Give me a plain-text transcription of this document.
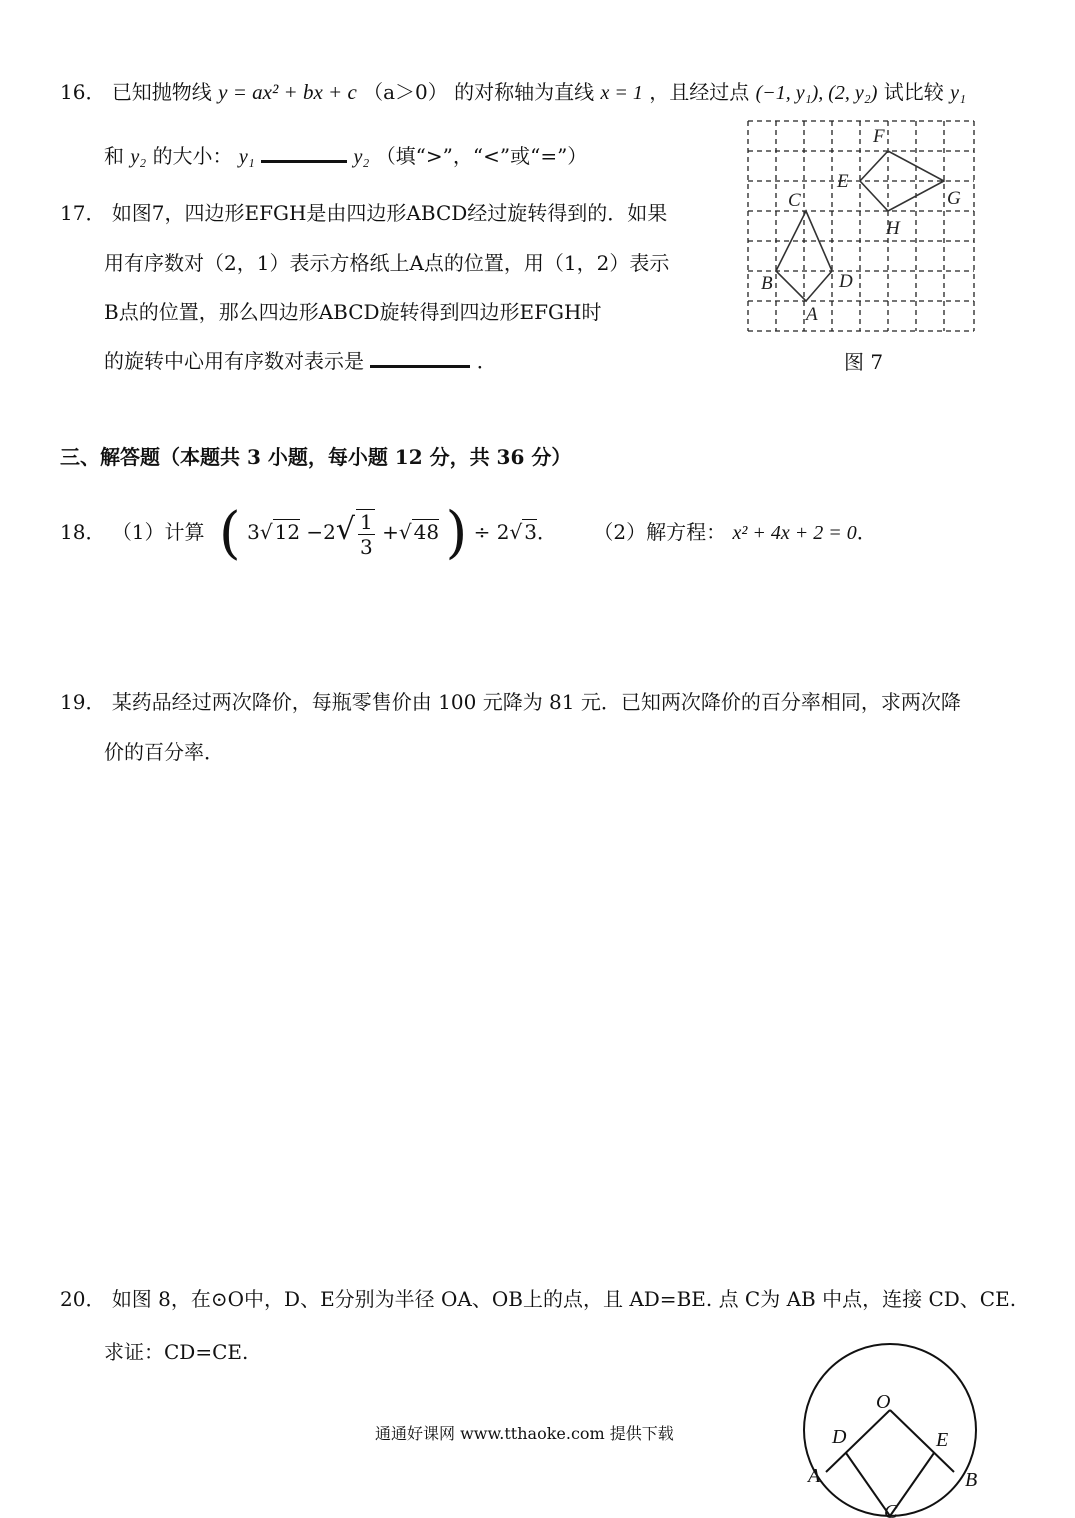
16． 已知抛物线 y = ax² + bx + c （a＞0） 的对称轴为直线 x = 1 ，且经过点 (−1, y₁), (2, y₂) 试比较 y₁
和 y₂ 的大小： y₁	y₂ （填“>”，“<”或“=”）
17． 如图7，四边形EFGH是由四边形ABCD经过旋转得到的．如果
用有序数对（2，1）表示方格纸上A点的位置，用（1，2）表示
B点的位置，那么四边形ABCD旋转得到四边形EFGH时
的旋转中心用有序数对表示是	．
A
B
C
D
E
F
G
H
图 7
三、解答题（本题共 3 小题，每小题 12 分，共 36 分）
18． （1）计算 ( 3√ $12 -2√ \frac{1}{3}$ +√ 48 ) ÷ 2√ 3． （2）解方程： x² + 4x + 2 = 0．
19． 某药品经过两次降价，每瓶零售价由 100 元降为 81 元．已知两次降价的百分率相同，求两次降
价的百分率．
20． 如图 8，在⊙O中，D、E分别为半径 OA、OB上的点，且 AD=BE. 点 C为 AB 中点，连接 CD、CE.
求证：CD=CE.
O
D	E
A	B
C
通通好课网 www.tthaoke.com 提供下载
